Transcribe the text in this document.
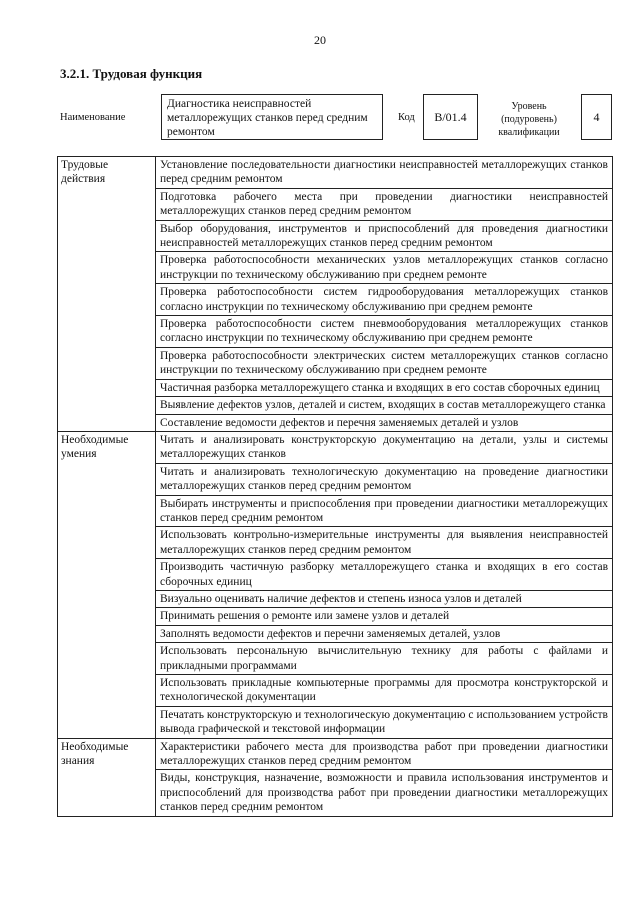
20
3.2.1. Трудовая функция
Наименование
Диагностика неисправностей металлорежущих станков перед средним ремонтом
Код	B/01.4
Уровень (подуровень) квалификации
4
Трудовые действия	Установление последовательности диагностики неисправностей металлорежущих станков перед средним ремонтом
	Подготовка рабочего места при проведении диагностики неисправностей металлорежущих станков перед средним ремонтом
	Выбор оборудования, инструментов и приспособлений для проведения диагностики неисправностей металлорежущих станков перед средним ремонтом
	Проверка работоспособности механических узлов металлорежущих станков согласно инструкции по техническому обслуживанию при среднем ремонте
	Проверка работоспособности систем гидрооборудования металлорежущих станков согласно инструкции по техническому обслуживанию при среднем ремонте
	Проверка работоспособности систем пневмооборудования металлорежущих станков согласно инструкции по техническому обслуживанию при среднем ремонте
	Проверка работоспособности электрических систем металлорежущих станков согласно инструкции по техническому обслуживанию при среднем ремонте
	Частичная разборка металлорежущего станка и входящих в его состав сборочных единиц
	Выявление дефектов узлов, деталей и систем, входящих в состав металлорежущего станка
	Составление ведомости дефектов и перечня заменяемых деталей и узлов
Необходимые умения	Читать и анализировать конструкторскую документацию на детали, узлы и системы металлорежущих станков
	Читать и анализировать технологическую документацию на проведение диагностики металлорежущих станков перед средним ремонтом
	Выбирать инструменты и приспособления при проведении диагностики металлорежущих станков перед средним ремонтом
	Использовать контрольно-измерительные инструменты для выявления неисправностей металлорежущих станков перед средним ремонтом
	Производить частичную разборку металлорежущего станка и входящих в его состав сборочных единиц
	Визуально оценивать наличие дефектов и степень износа узлов и деталей
	Принимать решения о ремонте или замене узлов и деталей
	Заполнять ведомости дефектов и перечни заменяемых деталей, узлов
	Использовать персональную вычислительную технику для работы с файлами и прикладными программами
	Использовать прикладные компьютерные программы для просмотра конструкторской и технологической документации
	Печатать конструкторскую и технологическую документацию с использованием устройств вывода графической и текстовой информации
Необходимые знания	Характеристики рабочего места для производства работ при проведении диагностики металлорежущих станков перед средним ремонтом
	Виды, конструкция, назначение, возможности и правила использования инструментов и приспособлений для производства работ при проведении диагностики металлорежущих станков перед средним ремонтом
